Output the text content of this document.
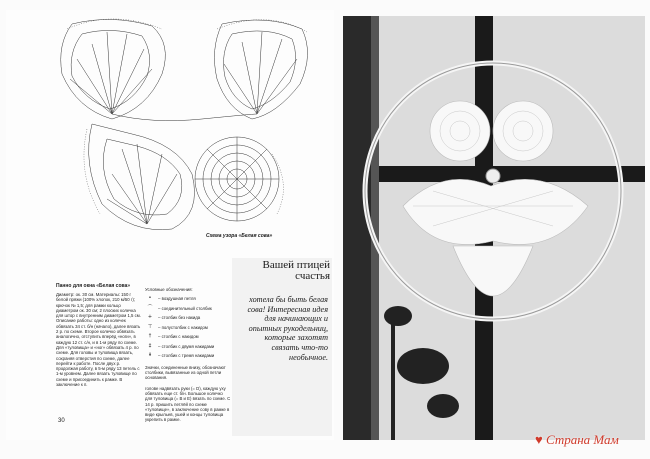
Схема узора «Белая сова»
Панно для окна «Белая сова»
Диаметр: ок. 30 см. Материалы: 150 г белой пряжи (100% хлопок, 210 м/50 г); крючок № 1,5; для рамки кольцо диаметром ок. 30 см; 2 плоских колечка для штор с внутренним диаметром 1,5 см. Описание работы: одно из колечек обвязать 34 ст. б/н (начало), далее вязать 2 р. по схеме. Второе колечко обвязать аналогично, отступить вперёд «ноги», в каждую 12 ст. с/н, и в 1-м ряду по схеме. Для «туловища» и «ног» обвязать 4 р. по схеме. Для головы и туловища вязать, сохраняя отверстия по схеме, далее перейти к работе. После двух р. продолжая работу, в 5-м ряду 13 петель с 1-м уровнем. Далее вязать туловище по схеме и присоединить к рамке. В заключение к п.
Условные обозначения:
•	– воздушная петля
⌒	– соединительный столбик
+	– столбик без накида
⊤	– полустолбик с накидом
†	– столбик с накидом
‡	– столбик с двумя накидами
⫵	– столбик с тремя накидами
Значки, соединенные внизу, обозначают столбики, вывязанные из одной петли основания.
голове надвязать руки (= D), каждую уху обвязать еще ст. б/н. Большое колечко для туловища (= В и Е) вязать по схеме. С 14 р. пришить петлёй по схеме «туловище», в заключение сову в рамке в виде крыльев, ушей и концы туловища укрепить в рамке.
Вашей птицей счастья
хотела бы быть белая сова! Интересная идея для начинающих и опытных рукодельниц, которые захотят связать что-то необычное.
30
♥ Страна Мам
